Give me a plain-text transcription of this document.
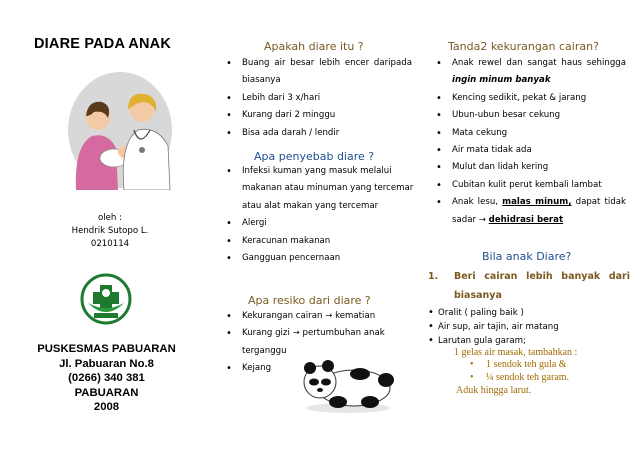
DIARE PADA ANAK
oleh :
Hendrik Sutopo L.
0210114
PUSKESMAS PABUARAN
Jl. Pabuaran No.8
(0266) 340 381
PABUARAN
2008
Apakah diare itu ?
• Buang air besar lebih encer daripada biasanya
• Lebih dari 3 x/hari
• Kurang dari 2 minggu
• Bisa ada darah / lendir
Apa penyebab diare ?
• Infeksi kuman yang masuk melalui makanan atau minuman yang tercemar atau alat makan yang tercemar
• Alergi
• Keracunan makanan
• Gangguan pencernaan
Apa resiko dari diare ?
• Kekurangan cairan → kematian
• Kurang gizi → pertumbuhan anak terganggu
• Kejang
Tanda2 kekurangan cairan?
• Anak rewel dan sangat haus sehingga ingin minum banyak
• Kencing sedikit, pekat & jarang
• Ubun-ubun besar cekung
• Mata cekung
• Air mata tidak ada
• Mulut dan lidah kering
• Cubitan kulit perut kembali lambat
• Anak lesu, malas minum, dapat tidak sadar → dehidrasi berat
Bila anak Diare?
1. Beri cairan lebih banyak dari biasanya
• Oralit ( paling baik )
• Air sup, air tajin, air matang
• Larutan gula garam;
1 gelas air masak, tambahkan :
• 1 sendok teh gula &
• ¼ sendok teh garam.
Aduk hingga larut.
